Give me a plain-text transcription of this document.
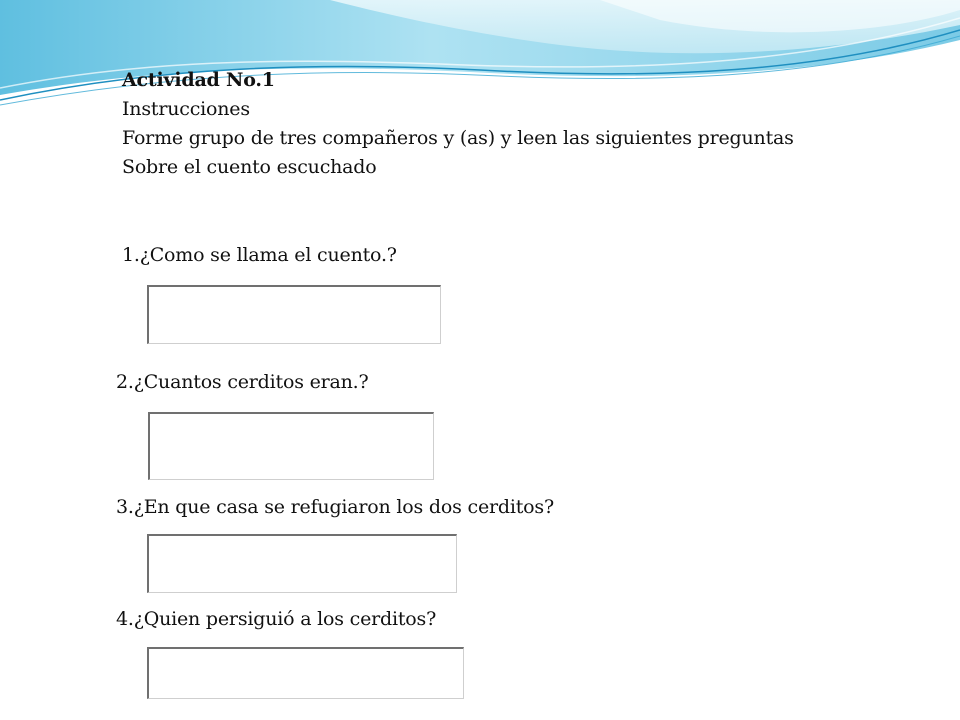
Actividad No.1
Instrucciones
Forme grupo de tres compañeros y (as) y leen las siguientes preguntas
Sobre el cuento escuchado
1.¿Como se llama el cuento.?
2.¿Cuantos cerditos eran.?
3.¿En que casa se refugiaron los dos cerditos?
4.¿Quien persiguió a los cerditos?
